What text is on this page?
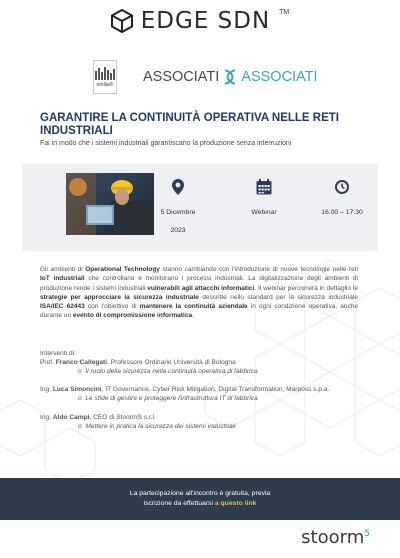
EDGE SDN TM
emilia® ASSOCIATI ASSOCIATI
GARANTIRE LA CONTINUITÀ OPERATIVA NELLE RETI INDUSTRIALI

Fai in modo che i sistemi industriali garantiscano la produzione senza interruzioni

5 Dicembre
2023
Webinar	16.00 – 17.30

Gli ambienti di Operational Technology stanno cambiando con l'introduzione di nuove tecnologie nelle reti IoT industriali che controllano e monitorano i processi industriali. La digitalizzazione degli ambienti di produzione rende i sistemi industriali vulnerabili agli attacchi informatici. Il webinar percorrerà in dettaglio le strategie per approcciare la sicurezza industriale descritte nello standard per la sicurezza industriale ISA/IEC 62443 con l'obiettivo di mantenere la continuità aziendale in ogni condizione operativa, anche durante un evento di compromissione informatica.

Interventi di:

Prof. Franco Callegati, Professore Ordinario Università di Bologna

o Il ruolo della sicurezza nella continuità operativa di fabbrica

Ing. Luca Simoncini, IT Governance, Cyber Risk Mitigation, Digital Transformation, Marposs s.p.a.

o Le sfide di gestire e proteggere l'infrastruttura IT di fabbrica

Ing. Aldo Campi, CEO di StoormS s.r.l.

o Mettere in pratica la sicurezza dei sistemi industriali

La partecipazione all'incontro è gratuita, previa
iscrizione da effettuarsi a questo link
stoorm$^5$
